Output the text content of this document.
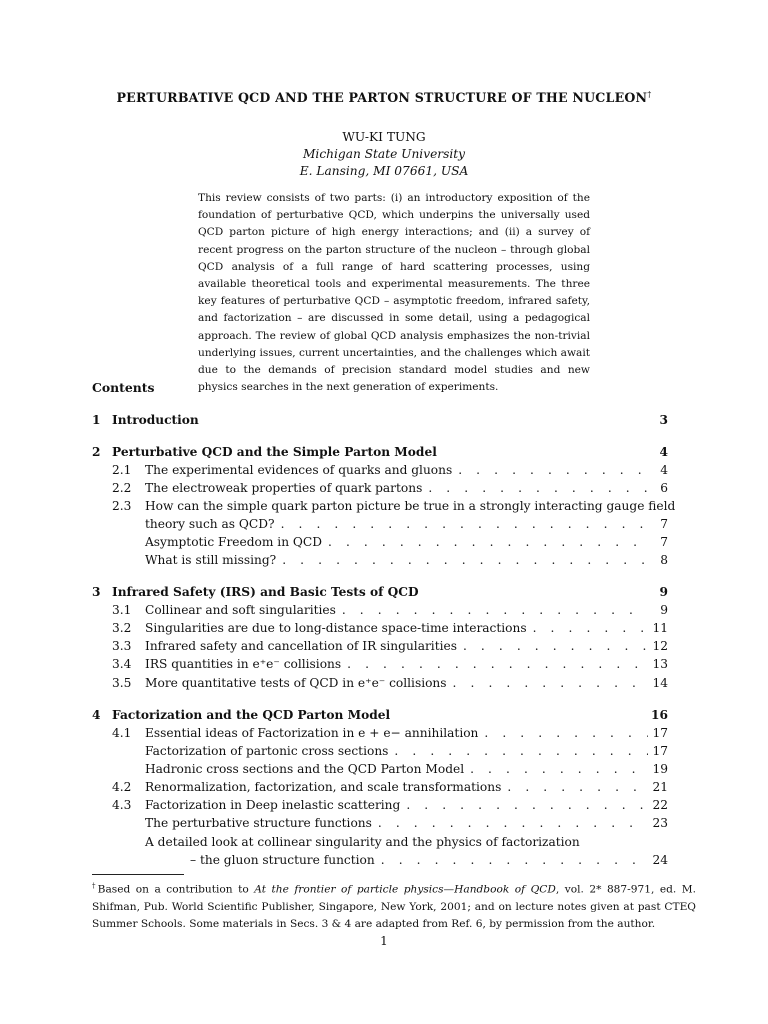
PERTURBATIVE QCD AND THE PARTON STRUCTURE OF THE NUCLEON†
WU-KI TUNG
Michigan State University
E. Lansing, MI 07661, USA

This review consists of two parts: (i) an introductory exposition of the foundation of perturbative QCD, which underpins the universally used QCD parton picture of high energy interactions; and (ii) a survey of recent progress on the parton structure of the nucleon – through global QCD analysis of a full range of hard scattering processes, using available theoretical tools and experimental measurements. The three key features of perturbative QCD – asymptotic freedom, infrared safety, and factorization – are discussed in some detail, using a pedagogical approach. The review of global QCD analysis emphasizes the non-trivial underlying issues, current uncertainties, and the challenges which await due to the demands of precision standard model studies and new physics searches in the next generation of experiments.

Contents
1 Introduction	3
2 Perturbative QCD and the Simple Parton Model	4
2.1	The experimental evidences of quarks and gluons . . .	4
2.2	The electroweak properties of quark partons . . .	6
2.3	How can the simple quark parton picture be true in a strongly interacting gauge field
theory such as QCD? . . .	7
Asymptotic Freedom in QCD . . .	7
What is still missing? . . .	8
3 Infrared Safety (IRS) and Basic Tests of QCD	9
3.1	Collinear and soft singularities . . .	9
3.2	Singularities are due to long-distance space-time interactions . . .	11
3.3	Infrared safety and cancellation of IR singularities . . .	12
3.4	IRS quantities in e⁺e⁻ collisions . . .	13
3.5	More quantitative tests of QCD in e⁺e⁻ collisions . . .	14
4 Factorization and the QCD Parton Model	16
4.1	Essential ideas of Factorization in e + e− annihilation . . .	17
Factorization of partonic cross sections . . .	17
Hadronic cross sections and the QCD Parton Model . . .	19
4.2	Renormalization, factorization, and scale transformations . . .	21
4.3	Factorization in Deep inelastic scattering . . .	22
The perturbative structure functions . . .	23
A detailed look at collinear singularity and the physics of factorization
– the gluon structure function . . .	24

†Based on a contribution to At the frontier of particle physics—Handbook of QCD, vol. 2* 887-971, ed. M. Shifman, Pub. World Scientific Publisher, Singapore, New York, 2001; and on lecture notes given at past CTEQ Summer Schools. Some materials in Secs. 3 & 4 are adapted from Ref. 6, by permission from the author.

1
